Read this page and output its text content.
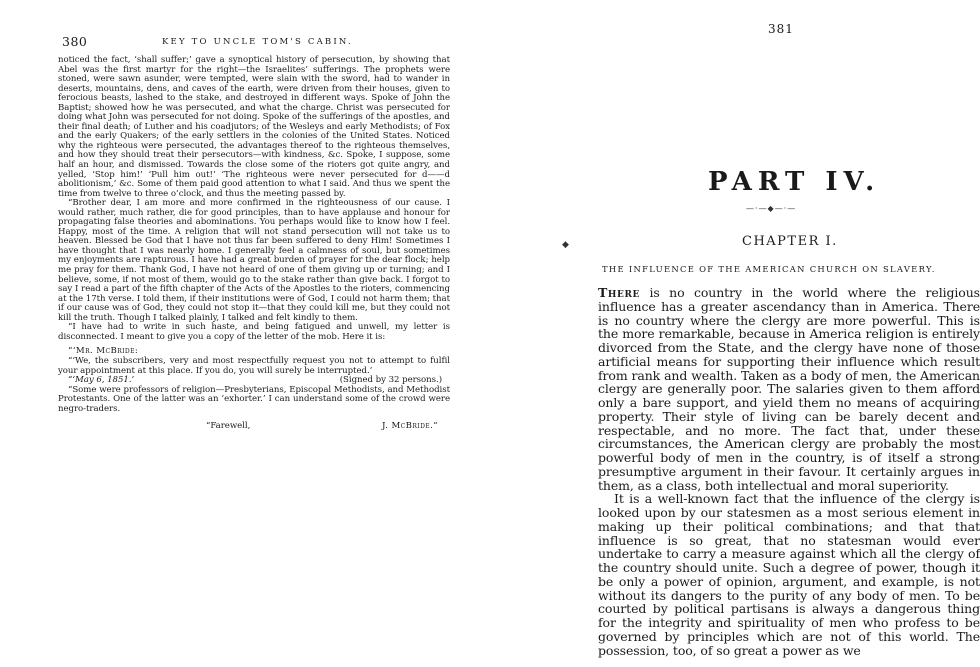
380	KEY TO UNCLE TOM'S CABIN.

noticed the fact, ‘shall suffer;’ gave a synoptical history of persecution, by showing that Abel was the first martyr for the right—the Israelites’ sufferings. The prophets were stoned, were sawn asunder, were tempted, were slain with the sword, had to wander in deserts, mountains, dens, and caves of the earth, were driven from their houses, given to ferocious beasts, lashed to the stake, and destroyed in different ways. Spoke of John the Baptist; showed how he was persecuted, and what the charge. Christ was persecuted for doing what John was persecuted for not doing. Spoke of the sufferings of the apostles, and their final death; of Luther and his coadjutors; of the Wesleys and early Methodists; of Fox and the early Quakers; of the early settlers in the colonies of the United States. Noticed why the righteous were persecuted, the advantages thereof to the righteous themselves, and how they should treat their persecutors—with kindness, &c. Spoke, I suppose, some half an hour, and dismissed. Towards the close some of the rioters got quite angry, and yelled, ‘Stop him!’ ‘Pull him out!’ ‘The righteous were never persecuted for d——d abolitionism,’ &c. Some of them paid good attention to what I said. And thus we spent the time from twelve to three o’clock, and thus the meeting passed by.

“Brother dear, I am more and more confirmed in the righteousness of our cause. I would rather, much rather, die for good principles, than to have applause and honour for propagating false theories and abominations. You perhaps would like to know how I feel. Happy, most of the time. A religion that will not stand persecution will not take us to heaven. Blessed be God that I have not thus far been suffered to deny Him! Sometimes I have thought that I was nearly home. I generally feel a calmness of soul, but sometimes my enjoyments are rapturous. I have had a great burden of prayer for the dear flock; help me pray for them. Thank God, I have not heard of one of them giving up or turning; and I believe, some, if not most of them, would go to the stake rather than give back. I forgot to say I read a part of the fifth chapter of the Acts of the Apostles to the rioters, commencing at the 17th verse. I told them, if their institutions were of God, I could not harm them; that if our cause was of God, they could not stop it—that they could kill me, but they could not kill the truth. Though I talked plainly, I talked and felt kindly to them.

“I have had to write in such haste, and being fatigued and unwell, my letter is disconnected. I meant to give you a copy of the letter of the mob. Here it is:

“‘Mr. McBride:

“‘We, the subscribers, very and most respectfully request you not to attempt to fulfil your appointment at this place. If you do, you will surely be interrupted.’

“‘May 6, 1851.’	(Signed by 32 persons.)

“Some were professors of religion—Presbyterians, Episcopal Methodists, and Methodist Protestants. One of the latter was an ‘exhorter.’ I can understand some of the crowd were negro-traders.

“Farewell,	J. McBride.”
◆
381
PART IV.
—·—◆—·—
CHAPTER I.
THE INFLUENCE OF THE AMERICAN CHURCH ON SLAVERY.

There is no country in the world where the religious influence has a greater ascendancy than in America. There is no country where the clergy are more powerful. This is the more remarkable, because in America religion is entirely divorced from the State, and the clergy have none of those artificial means for supporting their influence which result from rank and wealth. Taken as a body of men, the American clergy are generally poor. The salaries given to them afford only a bare support, and yield them no means of acquiring property. Their style of living can be barely decent and respectable, and no more. The fact that, under these circumstances, the American clergy are probably the most powerful body of men in the country, is of itself a strong presumptive argument in their favour. It certainly argues in them, as a class, both intellectual and moral superiority.

It is a well-known fact that the influence of the clergy is looked upon by our statesmen as a most serious element in making up their political combinations; and that that influence is so great, that no statesman would ever undertake to carry a measure against which all the clergy of the country should unite. Such a degree of power, though it be only a power of opinion, argument, and example, is not without its dangers to the purity of any body of men. To be courted by political partisans is always a dangerous thing for the integrity and spirituality of men who profess to be governed by principles which are not of this world. The possession, too, of so great a power as we
